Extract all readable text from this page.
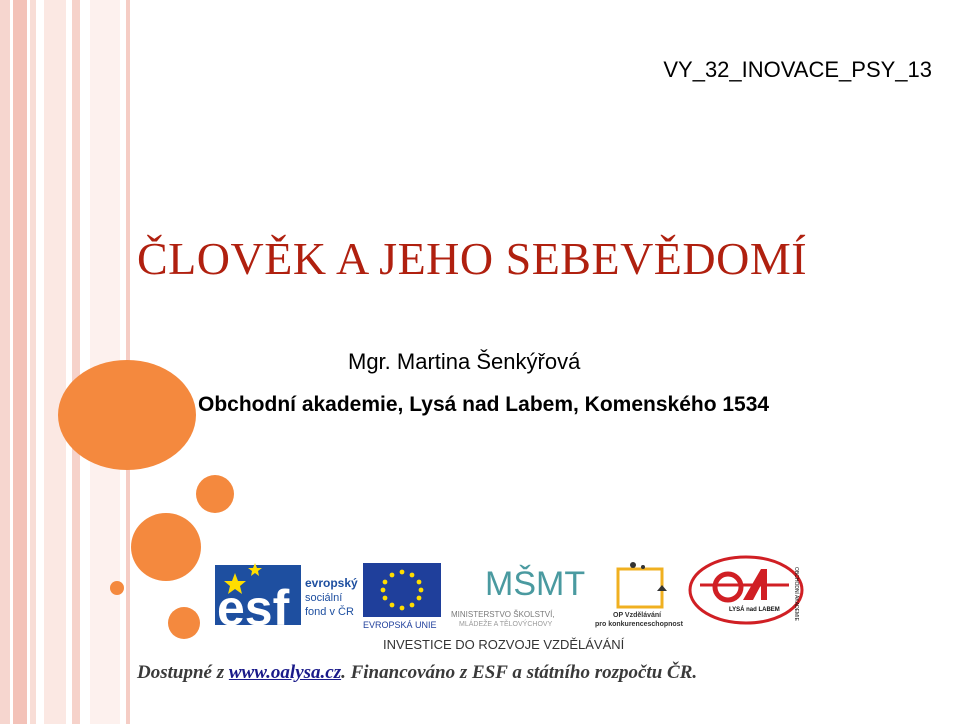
VY_32_INOVACE_PSY_13
ČLOVĚK A JEHO SEBEVĚDOMÍ
Mgr. Martina Šenkýřová
Obchodní akademie, Lysá nad Labem, Komenského 1534
esf evropský
sociální
fond v ČR
EVROPSKÁ UNIE
MŠMT
MINISTERSTVO ŠKOLSTVÍ,
MLÁDEŽE A TĚLOVÝCHOVY
OP Vzdělávání
pro konkurenceschopnost
LYSÁ nad LABEM	OBCHODNÍ AKADEMIE
INVESTICE DO ROZVOJE VZDĚLÁVÁNÍ
Dostupné z www.oalysa.cz. Financováno z ESF a státního rozpočtu ČR.
